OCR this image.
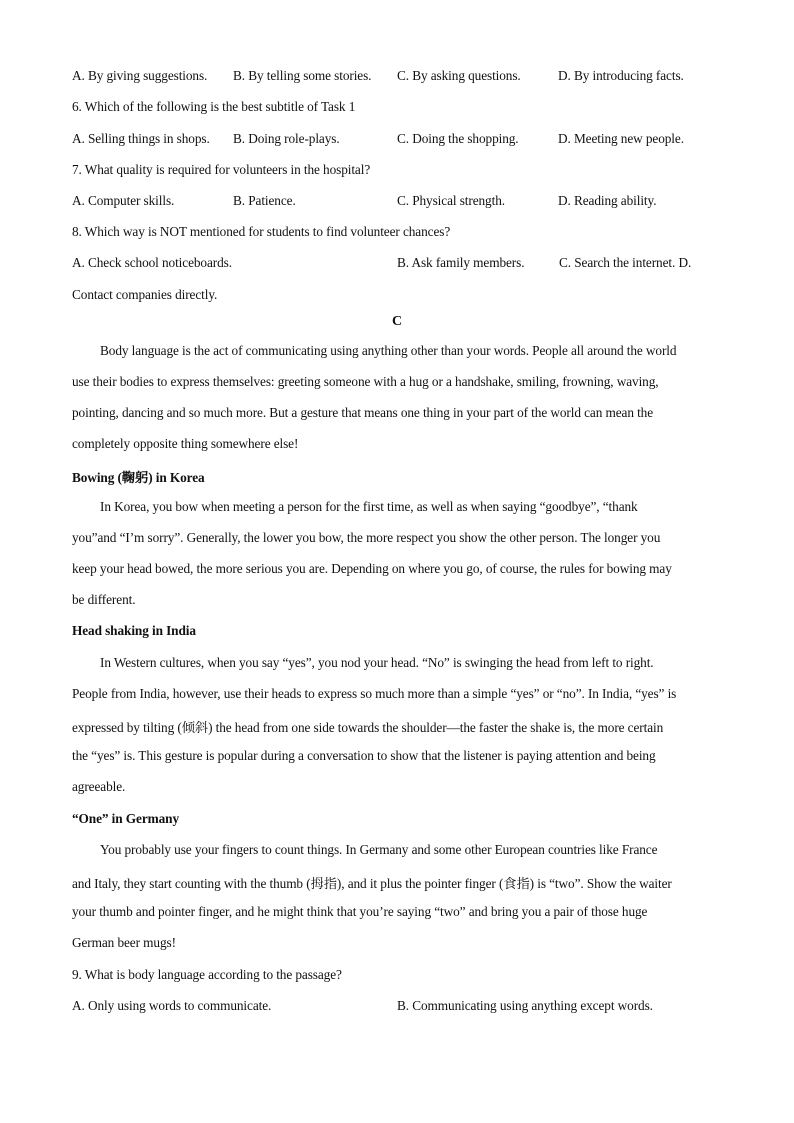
A. By giving suggestions. B. By telling some stories. C. By asking questions.	D. By introducing facts.
6. Which of the following is the best subtitle of Task 1
A. Selling things in shops. B. Doing role-plays.	C. Doing the shopping.	D. Meeting new people.
7. What quality is required for volunteers in the hospital?
A. Computer skills.	B. Patience.	C. Physical strength.	D. Reading ability.
8. Which way is NOT mentioned for students to find volunteer chances?
A. Check school noticeboards.	B. Ask family members.	C. Search the internet. D.
Contact companies directly.
C
Body language is the act of communicating using anything other than your words. People all around the world
use their bodies to express themselves: greeting someone with a hug or a handshake, smiling, frowning, waving,
pointing, dancing and so much more. But a gesture that means one thing in your part of the world can mean the
completely opposite thing somewhere else!
Bowing (鞠躬) in Korea
In Korea, you bow when meeting a person for the first time, as well as when saying “goodbye”, “thank
you”and “I’m sorry”. Generally, the lower you bow, the more respect you show the other person. The longer you
keep your head bowed, the more serious you are. Depending on where you go, of course, the rules for bowing may
be different.
Head shaking in India
In Western cultures, when you say “yes”, you nod your head. “No” is swinging the head from left to right.
People from India, however, use their heads to express so much more than a simple “yes” or “no”. In India, “yes” is
expressed by tilting (倾斜) the head from one side towards the shoulder—the faster the shake is, the more certain
the “yes” is. This gesture is popular during a conversation to show that the listener is paying attention and being
agreeable.
“One” in Germany
You probably use your fingers to count things. In Germany and some other European countries like France
and Italy, they start counting with the thumb (拇指), and it plus the pointer finger (食指) is “two”. Show the waiter
your thumb and pointer finger, and he might think that you’re saying “two” and bring you a pair of those huge
German beer mugs!
9. What is body language according to the passage?
A. Only using words to communicate.	B. Communicating using anything except words.
